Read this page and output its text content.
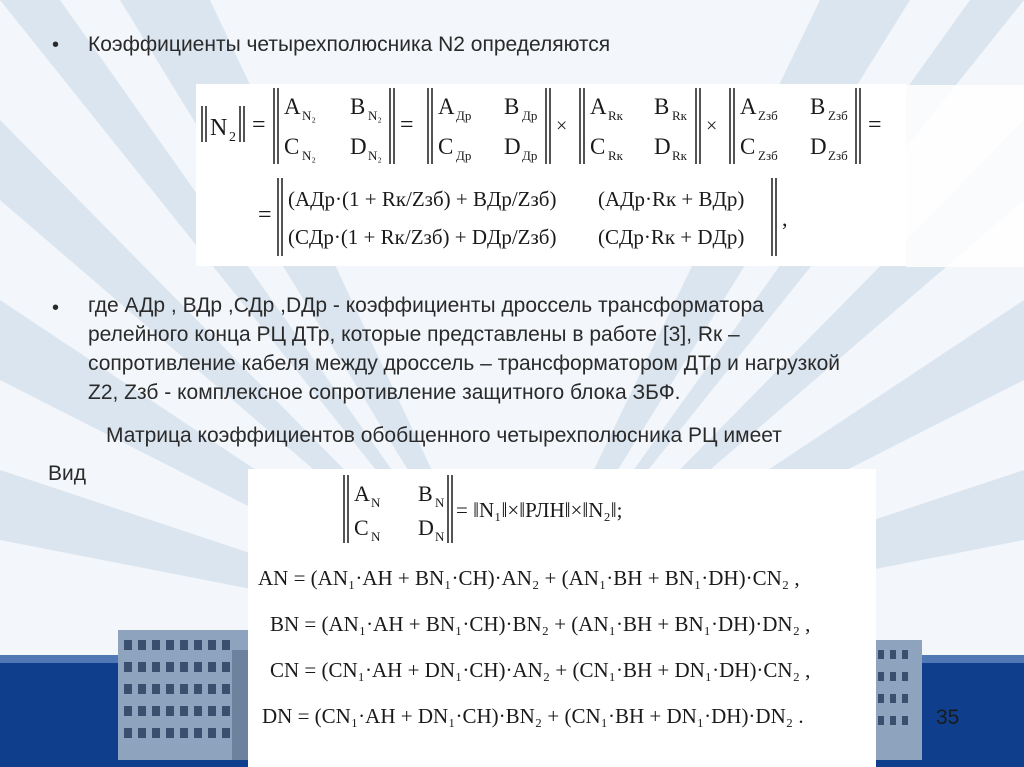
• Коэффициенты четырехполюсника N2 определяются
N 2 =
A N₂ B N₂
C N₂ D N₂
=
A Др B Др
C Др D Др
×
A Rк B Rк
C Rк D Rк
×
A Zзб B Zзб
C Zзб D Zзб
=
=
(AДр·(1 + Rк/Zзб) + BДр/Zзб) (AДр·Rк + BДр)
(CДр·(1 + Rк/Zзб) + DДр/Zзб) (CДр·Rк + DДр)
,
• где АДр , ВДр ,СДр ,DДр - коэффициенты дроссель трансформатора
релейного конца РЦ ДТр, которые представлены в работе [3], Rк –
сопротивление кабеля между дроссель – трансформатором ДТр и нагрузкой
Z2, Zзб - комплексное сопротивление защитного блока ЗБФ.
Матрица коэффициентов обобщенного четырехполюсника РЦ имеет
Вид
A N B N
C N D N
= ‖N₁‖×‖РЛН‖×‖N₂‖;
AN = (AN₁·AН + BN₁·CН)·AN₂ + (AN₁·BН + BN₁·DН)·CN₂ ,
BN = (AN₁·AН + BN₁·CН)·BN₂ + (AN₁·BН + BN₁·DН)·DN₂ ,
CN = (CN₁·AН + DN₁·CН)·AN₂ + (CN₁·BН + DN₁·DН)·CN₂ ,
DN = (CN₁·AН + DN₁·CН)·BN₂ + (CN₁·BН + DN₁·DН)·DN₂ .	35
